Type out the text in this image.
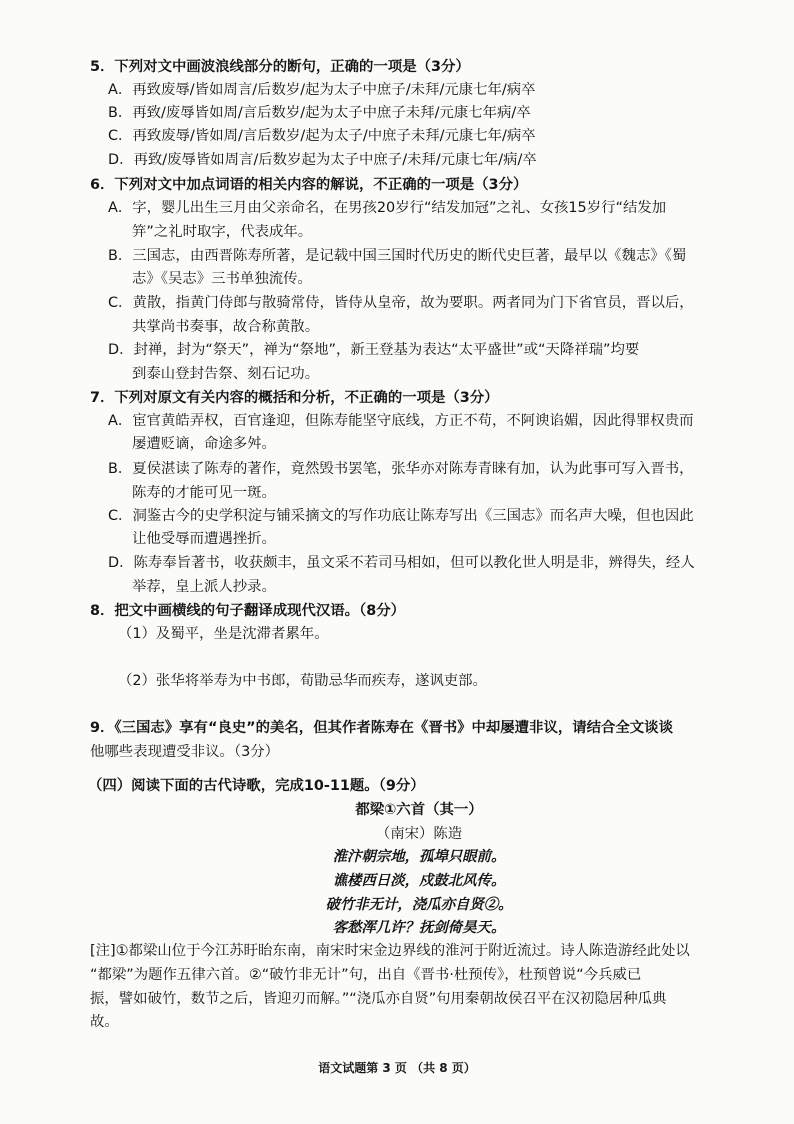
5．下列对文中画波浪线部分的断句，正确的一项是（3分）
A．再致废辱/皆如周言/后数岁/起为太子中庶子/未拜/元康七年/病卒
B．再致/废辱皆如周/言后数岁/起为太子中庶子未拜/元康七年病/卒
C．再致废辱/皆如周/言后数岁/起为太子/中庶子未拜/元康七年/病卒
D．再致/废辱皆如周言/后数岁起为太子中庶子/未拜/元康七年/病/卒
6．下列对文中加点词语的相关内容的解说，不正确的一项是（3分）
A．字，婴儿出生三月由父亲命名，在男孩20岁行“结发加冠”之礼、女孩15岁行“结发加
笄”之礼时取字，代表成年。
B．三国志，由西晋陈寿所著，是记载中国三国时代历史的断代史巨著，最早以《魏志》《蜀
志》《吴志》三书单独流传。
C．黄散，指黄门侍郎与散骑常侍，皆侍从皇帝，故为要职。两者同为门下省官员，晋以后，
共掌尚书奏事，故合称黄散。
D．封禅，封为“祭天”，禅为“祭地”，新王登基为表达“太平盛世”或“天降祥瑞”均要
到泰山登封告祭、刻石记功。
7．下列对原文有关内容的概括和分析，不正确的一项是（3分）
A．宦官黄皓弄权，百官逢迎，但陈寿能坚守底线，方正不苟，不阿谀谄媚，因此得罪权贵而
屡遭贬谪，命途多舛。
B．夏侯湛读了陈寿的著作，竟然毁书罢笔，张华亦对陈寿青睐有加，认为此事可写入晋书，
陈寿的才能可见一斑。
C．洞鉴古今的史学积淀与铺采摘文的写作功底让陈寿写出《三国志》而名声大噪，但也因此
让他受辱而遭遇挫折。
D．陈寿奉旨著书，收获颇丰，虽文采不若司马相如，但可以教化世人明是非，辨得失，经人
举荐，皇上派人抄录。
8．把文中画横线的句子翻译成现代汉语。（8分）
（1）及蜀平，坐是沈滞者累年。
（2）张华将举寿为中书郎，荀勖忌华而疾寿，遂讽吏部。
9．《三国志》享有“良史”的美名，但其作者陈寿在《晋书》中却屡遭非议，请结合全文谈谈
他哪些表现遭受非议。（3分）
（四）阅读下面的古代诗歌，完成10-11题。（9分）
都梁①六首（其一）
（南宋）陈造
淮汴朝宗地，孤埠只眼前。
谯楼西日淡，戍鼓北风传。
破竹非无计，浇瓜亦自贤②。
客愁浑几许？抚剑倚昊天。
[注]①都梁山位于今江苏盱眙东南，南宋时宋金边界线的淮河于附近流过。诗人陈造游经此处以
“都梁”为题作五律六首。②“破竹非无计”句，出自《晋书·杜预传》，杜预曾说“今兵威已
振，譬如破竹，数节之后，皆迎刃而解。”“浇瓜亦自贤”句用秦朝故侯召平在汉初隐居种瓜典
故。
语文试题第 3 页 （共 8 页）
